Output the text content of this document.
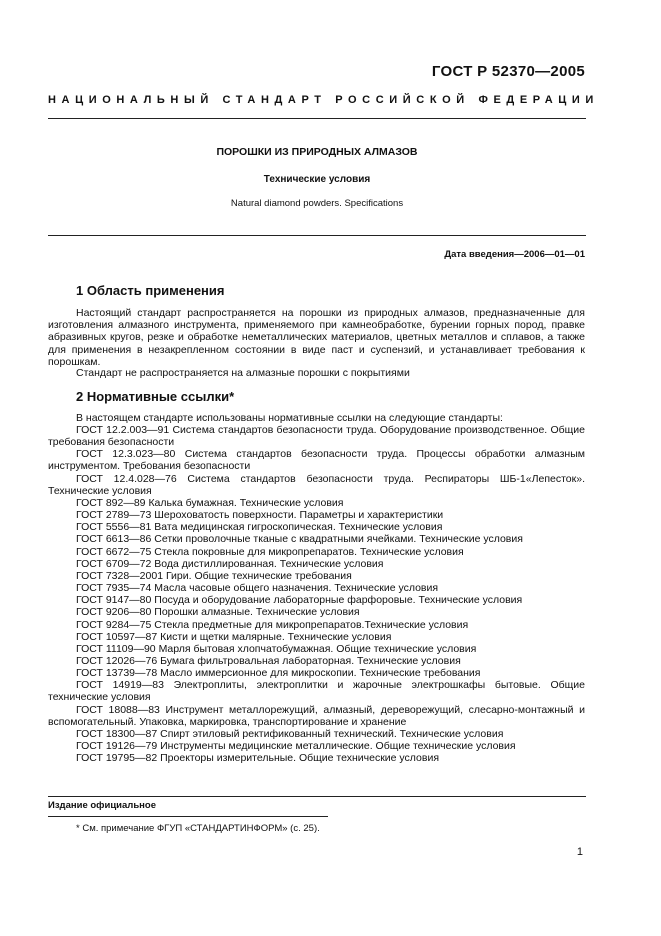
ГОСТ Р 52370—2005
НАЦИОНАЛЬНЫЙ СТАНДАРТ РОССИЙСКОЙ ФЕДЕРАЦИИ
ПОРОШКИ ИЗ ПРИРОДНЫХ АЛМАЗОВ
Технические условия
Natural diamond powders. Specifications
Дата введения—2006—01—01
1 Область применения

Настоящий стандарт распространяется на порошки из природных алмазов, предназначенные для изготовления алмазного инструмента, применяемого при камнеобработке, бурении горных пород, правке абразивных кругов, резке и обработке неметаллических материалов, цветных металлов и сплавов, а также для применения в незакрепленном состоянии в виде паст и суспензий, и устанавливает требования к порошкам.

Стандарт не распространяется на алмазные порошки с покрытиями

2 Нормативные ссылки*

В настоящем стандарте использованы нормативные ссылки на следующие стандарты:

ГОСТ 12.2.003—91 Система стандартов безопасности труда. Оборудование производственное. Общие требования безопасности
ГОСТ 12.3.023—80 Система стандартов безопасности труда. Процессы обработки алмазным инструментом. Требования безопасности
ГОСТ 12.4.028—76 Система стандартов безопасности труда. Респираторы ШБ-1«Лепесток». Технические условия
ГОСТ 892—89 Калька бумажная. Технические условия
ГОСТ 2789—73 Шероховатость поверхности. Параметры и характеристики
ГОСТ 5556—81 Вата медицинская гигроскопическая. Технические условия
ГОСТ 6613—86 Сетки проволочные тканые с квадратными ячейками. Технические условия
ГОСТ 6672—75 Стекла покровные для микропрепаратов. Технические условия
ГОСТ 6709—72 Вода дистиллированная. Технические условия
ГОСТ 7328—2001 Гири. Общие технические требования
ГОСТ 7935—74 Масла часовые общего назначения. Технические условия
ГОСТ 9147—80 Посуда и оборудование лабораторные фарфоровые. Технические условия
ГОСТ 9206—80 Порошки алмазные. Технические условия
ГОСТ 9284—75 Стекла предметные для микропрепаратов.Технические условия
ГОСТ 10597—87 Кисти и щетки малярные. Технические условия
ГОСТ 11109—90 Марля бытовая хлопчатобумажная. Общие технические условия
ГОСТ 12026—76 Бумага фильтровальная лабораторная. Технические условия
ГОСТ 13739—78 Масло иммерсионное для микроскопии. Технические требования
ГОСТ 14919—83 Электроплиты, электроплитки и жарочные электрошкафы бытовые. Общие технические условия
ГОСТ 18088—83 Инструмент металлорежущий, алмазный, дереворежущий, слесарно-монтажный и вспомогательный. Упаковка, маркировка, транспортирование и хранение
ГОСТ 18300—87 Спирт этиловый ректификованный технический. Технические условия
ГОСТ 19126—79 Инструменты медицинские металлические. Общие технические условия
ГОСТ 19795—82 Проекторы измерительные. Общие технические условия
Издание официальное
* См. примечание ФГУП «СТАНДАРТИНФОРМ» (с. 25).
1
